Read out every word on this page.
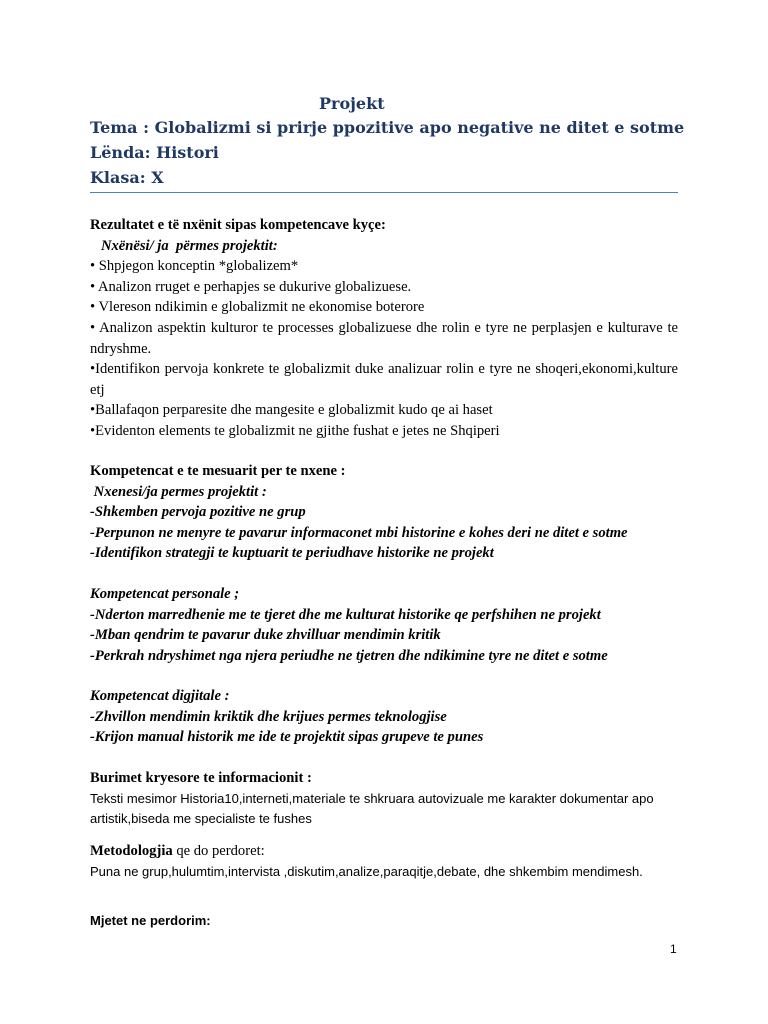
Projekt
Tema : Globalizmi si prirje ppozitive apo negative ne ditet e sotme
Lënda: Histori
Klasa: X

Rezultatet e të nxënit sipas kompetencave kyçe:

Nxënësi/ ja  përmes projektit:

• Shpjegon konceptin *globalizem*

• Analizon rruget e perhapjes se dukurive globalizuese.

• Vlereson ndikimin e globalizmit ne ekonomise boterore

• Analizon aspektin kulturor te processes globalizuese dhe rolin e tyre ne perplasjen e kulturave te ndryshme.

•Identifikon pervoja konkrete te globalizmit duke analizuar rolin e tyre ne shoqeri,ekonomi,kulture etj

•Ballafaqon perparesite dhe mangesite e globalizmit kudo qe ai haset

•Evidenton elements te globalizmit ne gjithe fushat e jetes ne Shqiperi

Kompetencat e te mesuarit per te nxene :

Nxenesi/ja permes projektit :

-Shkemben pervoja pozitive ne grup

-Perpunon ne menyre te pavarur informaconet mbi historine e kohes deri ne ditet e sotme

-Identifikon strategji te kuptuarit te periudhave historike ne projekt

Kompetencat personale ;

-Nderton marredhenie me te tjeret dhe me kulturat historike qe perfshihen ne projekt

-Mban qendrim te pavarur duke zhvilluar mendimin kritik

-Perkrah ndryshimet nga njera periudhe ne tjetren dhe ndikimine tyre ne ditet e sotme

Kompetencat digjitale :

-Zhvillon mendimin kriktik dhe krijues permes teknologjise

-Krijon manual historik me ide te projektit sipas grupeve te punes

Burimet kryesore te informacionit :

Teksti mesimor Historia10,interneti,materiale te shkruara autovizuale me karakter dokumentar apo artistik,biseda me specialiste te fushes

Metodologjia qe do perdoret:

Puna ne grup,hulumtim,intervista ,diskutim,analize,paraqitje,debate, dhe shkembim mendimesh.

Mjetet ne perdorim:

1
